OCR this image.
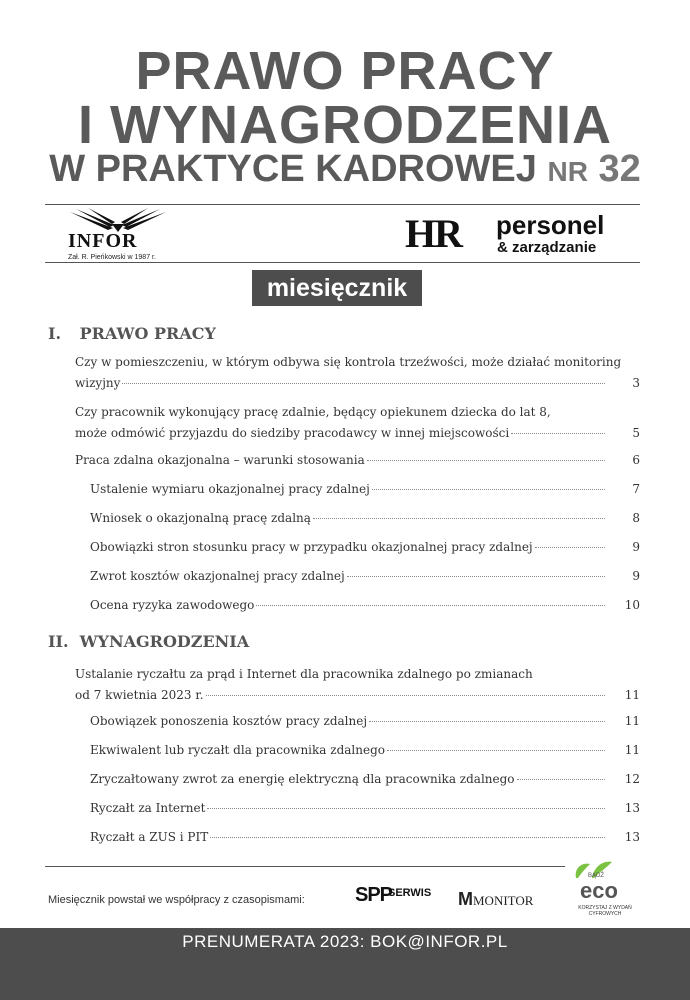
PRAWO PRACY
I WYNAGRODZENIA
W PRAKTYCE KADROWEJ NR 32
INFOR
Zał. R. Pieńkowski w 1987 r.
HR personel
& zarządzanie
miesięcznik
I. PRAWO PRACY
Czy w pomieszczeniu, w którym odbywa się kontrola trzeźwości, może działać monitoring
wizyjny	3
Czy pracownik wykonujący pracę zdalnie, będący opiekunem dziecka do lat 8,
może odmówić przyjazdu do siedziby pracodawcy w innej miejscowości	5
Praca zdalna okazjonalna – warunki stosowania	6
Ustalenie wymiaru okazjonalnej pracy zdalnej	7
Wniosek o okazjonalną pracę zdalną	8
Obowiązki stron stosunku pracy w przypadku okazjonalnej pracy zdalnej	9
Zwrot kosztów okazjonalnej pracy zdalnej	9
Ocena ryzyka zawodowego	10
II. WYNAGRODZENIA
Ustalanie ryczałtu za prąd i Internet dla pracownika zdalnego po zmianach
od 7 kwietnia 2023 r.	11
Obowiązek ponoszenia kosztów pracy zdalnej	11
Ekwiwalent lub ryczałt dla pracownika zdalnego	11
Zryczałtowany zwrot za energię elektryczną dla pracownika zdalnego	12
Ryczałt za Internet	13
Ryczałt a ZUS i PIT	13
Miesięcznik powstał we współpracy z czasopismami:	SPP
SERWIS MMONITOR
BĄDŹ
eco
KORZYSTAJ Z WYDAŃ CYFROWYCH
PRENUMERATA 2023: BOK@INFOR.PL
